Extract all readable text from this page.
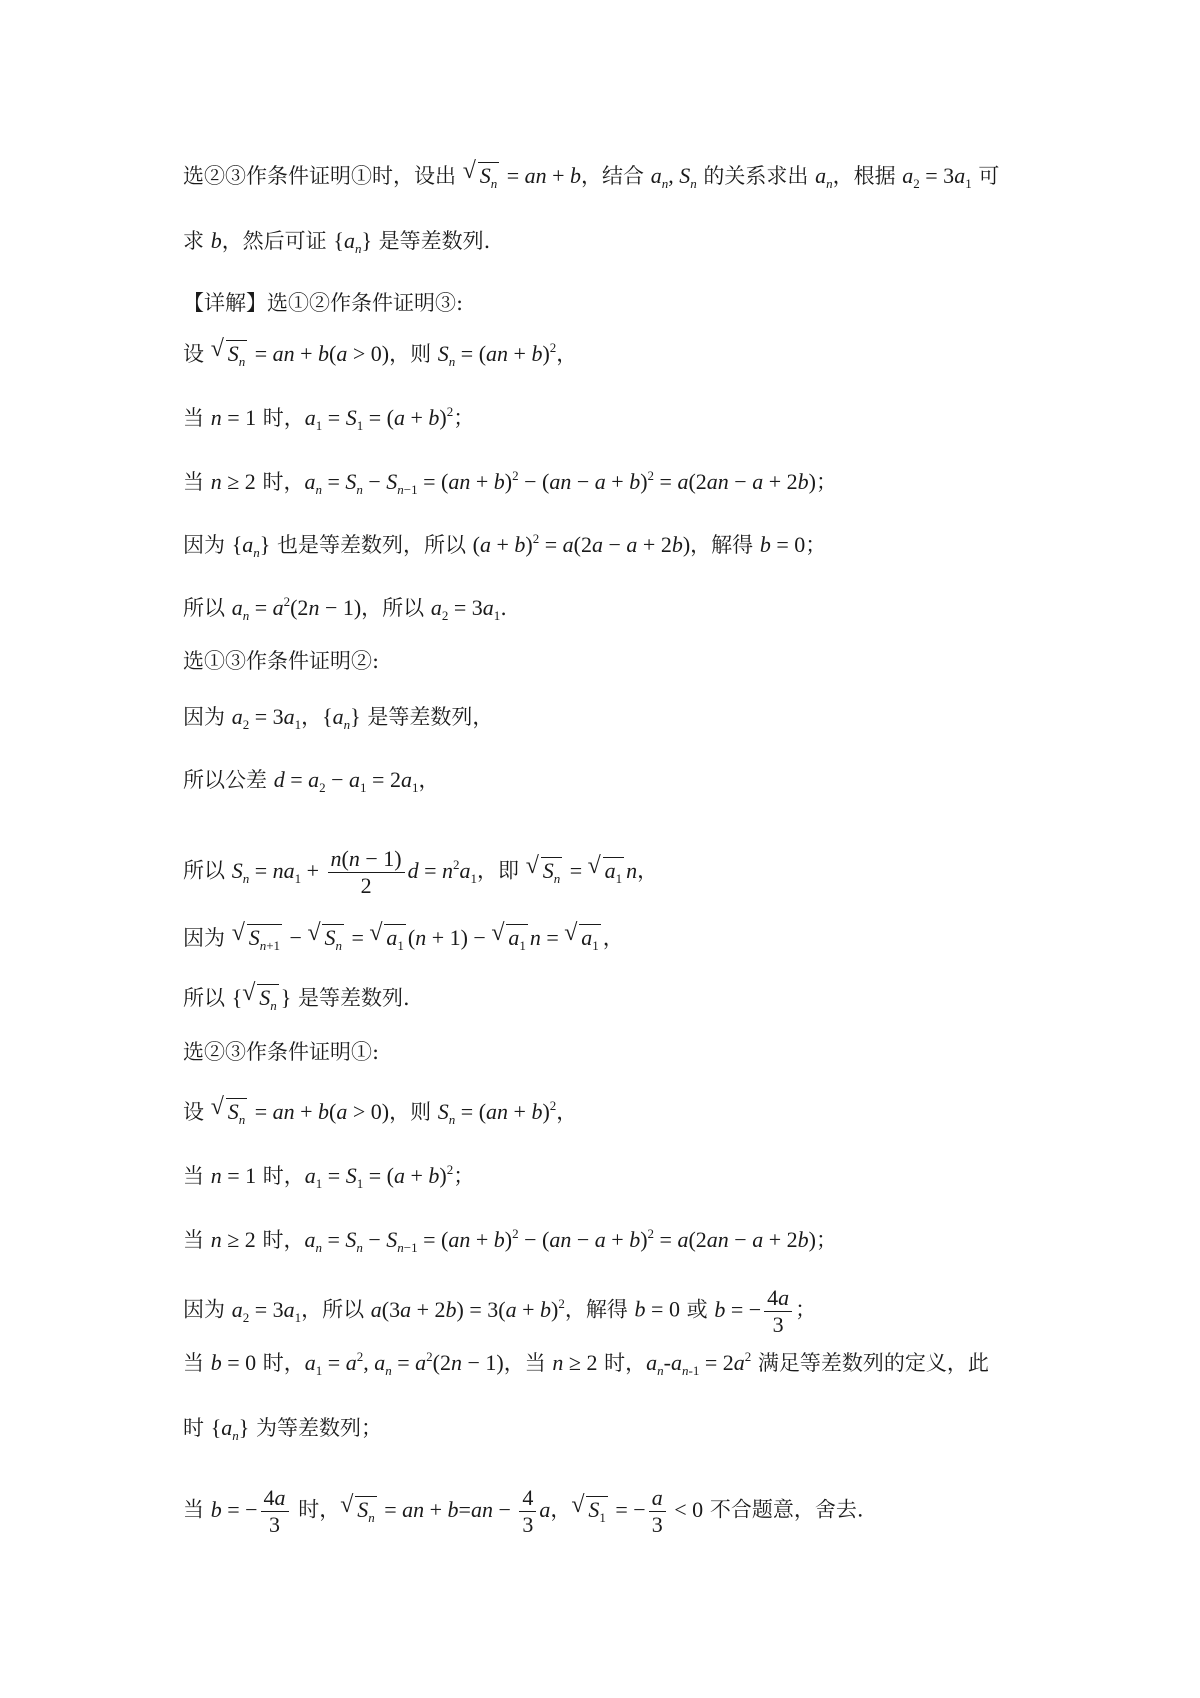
选②③作条件证明①时，设出 √ $S_n$ = an + b，结合 $a_n$, $S_n$ 的关系求出 $a_n$，根据 $a_2 = 3a_1$ 可
求 b，然后可证 $\{a_n\}$ 是等差数列.
【详解】选①②作条件证明③:
设 √ $S_n$ = an + b(a > 0)，则 $S_n = (an + b)^2$，
当 n = 1 时，$a_1 = S_1 = (a + b)^2$；
当 n ≥ 2 时，$a_n = S_n - S_{n-1} = (an + b)^2 - (an - a + b)^2 = a(2an - a + 2b)$；
因为 $\{a_n\}$ 也是等差数列，所以 $(a + b)^2 = a(2a - a + 2b)$，解得 b = 0；
所以 $a_n = a^2(2n - 1)$，所以 $a_2 = 3a_1$.
选①③作条件证明②:
因为 $a_2 = 3a_1$，$\{a_n\}$ 是等差数列，
所以公差 $d = a_2 - a_1 = 2a_1$，
所以 $S_n = na_1 + \frac{n(n - 1)}{2}$ $d = n^2a_1$，即 √ $S_n$ = √ $a_1$ n，
因为 √ $S_{n+1}$ − √ $S_n$ = √ $a_1$ (n + 1) − √ $a_1$ n = √ $a_1$ ，
所以 { √ $S_n$ } 是等差数列.
选②③作条件证明①:
设 √ $S_n$ = an + b(a > 0)，则 $S_n = (an + b)^2$，
当 n = 1 时，$a_1 = S_1 = (a + b)^2$；
当 n ≥ 2 时，$a_n = S_n - S_{n-1} = (an + b)^2 - (an - a + b)^2 = a(2an - a + 2b)$；
因为 $a_2 = 3a_1$，所以 $a(3a + 2b) = 3(a + b)^2$，解得 b = 0 或 b = − $\frac{4a}{3}$ ；
当 b = 0 时，$a_1 = a^2$, $a_n = a^2(2n - 1)$，当 n ≥ 2 时，$a_n-a_{n-1} = 2a^2$ 满足等差数列的定义，此
时 $\{a_n\}$ 为等差数列；
当 b = − $\frac{4a}{3}$ 时， √ $S_n$ = an + $b=an - \frac{4}{3}$ a， √ $S_1$ = − $\frac{a}{3} < 0$ 不合题意，舍去.
